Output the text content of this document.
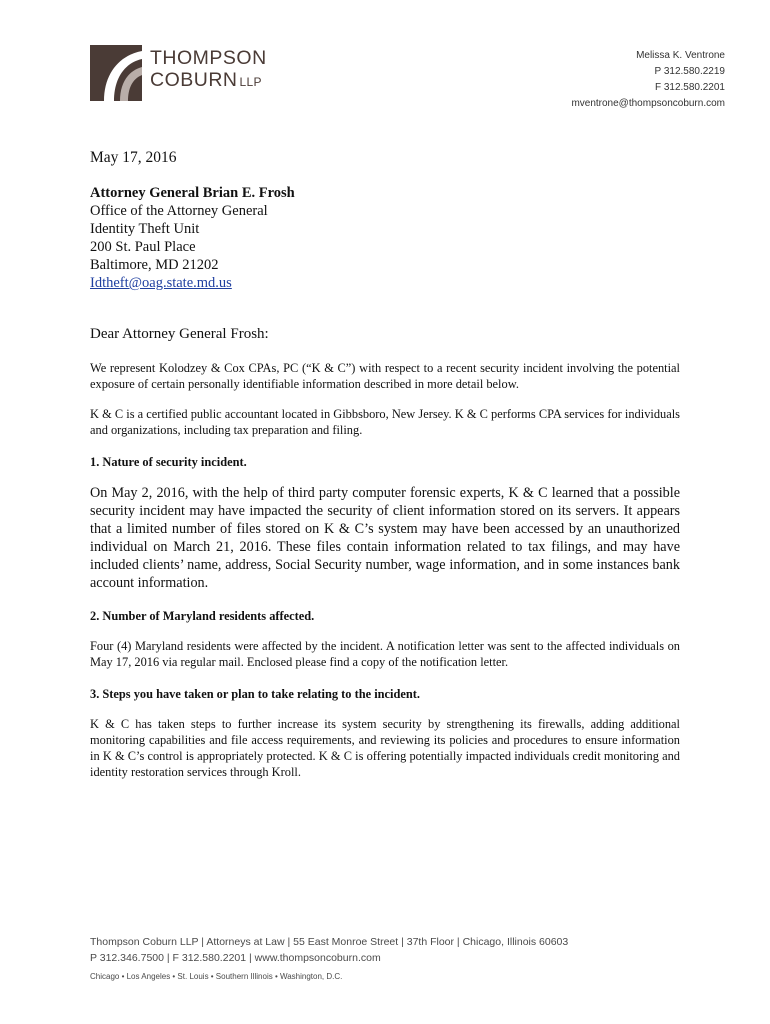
THOMPSON
COBURN LLP
Melissa K. Ventrone
P 312.580.2219
F 312.580.2201
mventrone@thompsoncoburn.com

May 17, 2016

Attorney General Brian E. Frosh
Office of the Attorney General
Identity Theft Unit
200 St. Paul Place
Baltimore, MD 21202
Idtheft@oag.state.md.us
Dear Attorney General Frosh:

We represent Kolodzey & Cox CPAs, PC (“K & C”) with respect to a recent security incident involving the potential exposure of certain personally identifiable information described in more detail below.

K & C is a certified public accountant located in Gibbsboro, New Jersey. K & C performs CPA services for individuals and organizations, including tax preparation and filing.

1. Nature of security incident.

On May 2, 2016, with the help of third party computer forensic experts, K & C learned that a possible security incident may have impacted the security of client information stored on its servers. It appears that a limited number of files stored on K & C’s system may have been accessed by an unauthorized individual on March 21, 2016. These files contain information related to tax filings, and may have included clients’ name, address, Social Security number, wage information, and in some instances bank account information.

2. Number of Maryland residents affected.

Four (4) Maryland residents were affected by the incident. A notification letter was sent to the affected individuals on May 17, 2016 via regular mail. Enclosed please find a copy of the notification letter.

3. Steps you have taken or plan to take relating to the incident.

K & C has taken steps to further increase its system security by strengthening its firewalls, adding additional monitoring capabilities and file access requirements, and reviewing its policies and procedures to ensure information in K & C’s control is appropriately protected. K & C is offering potentially impacted individuals credit monitoring and identity restoration services through Kroll.

Thompson Coburn LLP | Attorneys at Law | 55 East Monroe Street | 37th Floor | Chicago, Illinois 60603
P 312.346.7500 | F 312.580.2201 | www.thompsoncoburn.com
Chicago • Los Angeles • St. Louis • Southern Illinois • Washington, D.C.
